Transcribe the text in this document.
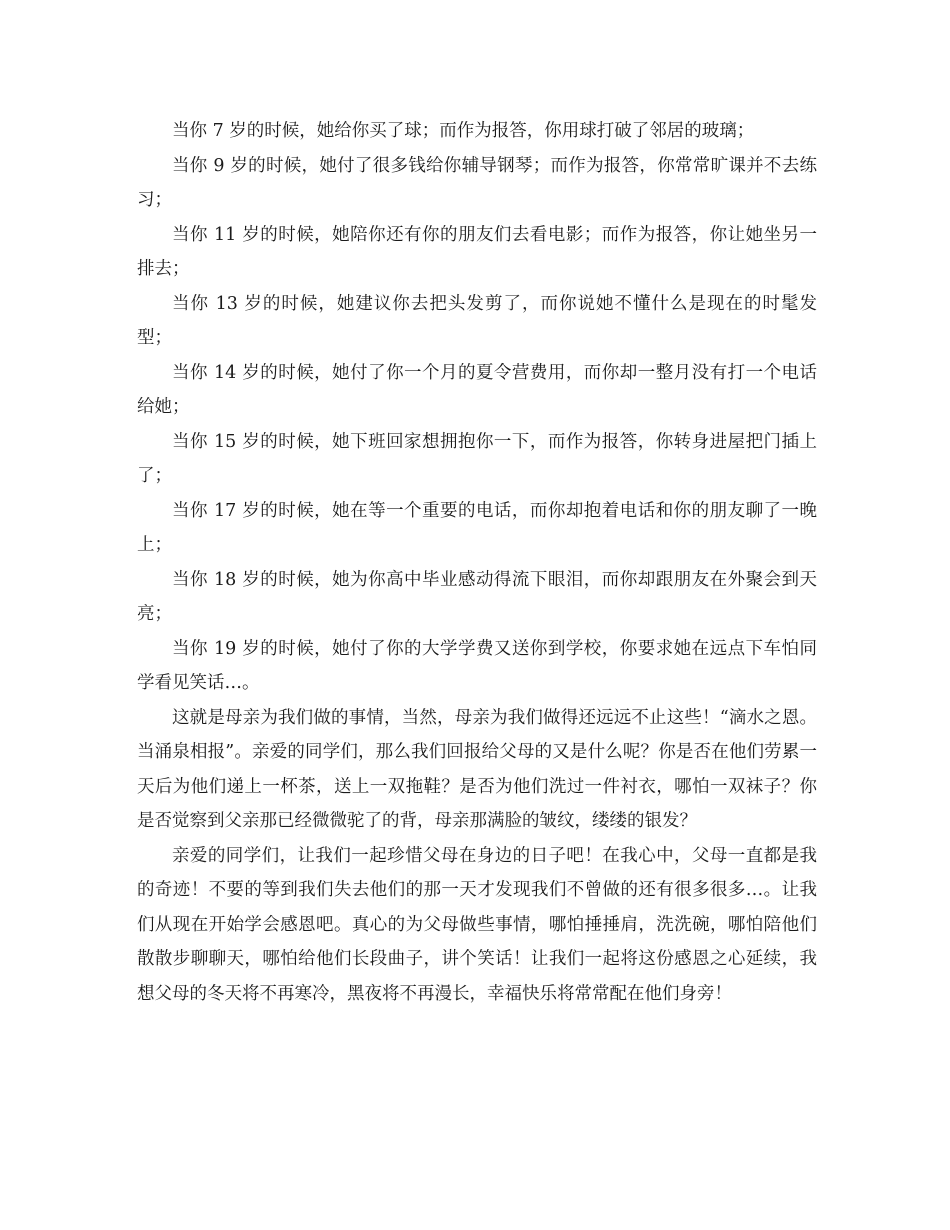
当你 7 岁的时候，她给你买了球；而作为报答，你用球打破了邻居的玻璃；

当你 9 岁的时候，她付了很多钱给你辅导钢琴；而作为报答，你常常旷课并不去练习；

当你 11 岁的时候，她陪你还有你的朋友们去看电影；而作为报答，你让她坐另一排去；

当你 13 岁的时候，她建议你去把头发剪了，而你说她不懂什么是现在的时髦发型；

当你 14 岁的时候，她付了你一个月的夏令营费用，而你却一整月没有打一个电话给她；

当你 15 岁的时候，她下班回家想拥抱你一下，而作为报答，你转身进屋把门插上了；

当你 17 岁的时候，她在等一个重要的电话，而你却抱着电话和你的朋友聊了一晚上；

当你 18 岁的时候，她为你高中毕业感动得流下眼泪，而你却跟朋友在外聚会到天亮；

当你 19 岁的时候，她付了你的大学学费又送你到学校，你要求她在远点下车怕同学看见笑话…。

这就是母亲为我们做的事情，当然，母亲为我们做得还远远不止这些！“滴水之恩。当涌泉相报”。亲爱的同学们，那么我们回报给父母的又是什么呢？你是否在他们劳累一天后为他们递上一杯茶，送上一双拖鞋？是否为他们洗过一件衬衣，哪怕一双袜子？你是否觉察到父亲那已经微微驼了的背，母亲那满脸的皱纹，缕缕的银发？

亲爱的同学们，让我们一起珍惜父母在身边的日子吧！在我心中，父母一直都是我的奇迹！不要的等到我们失去他们的那一天才发现我们不曾做的还有很多很多…。让我们从现在开始学会感恩吧。真心的为父母做些事情，哪怕捶捶肩，洗洗碗，哪怕陪他们散散步聊聊天，哪怕给他们长段曲子，讲个笑话！让我们一起将这份感恩之心延续，我想父母的冬天将不再寒冷，黑夜将不再漫长，幸福快乐将常常配在他们身旁！
